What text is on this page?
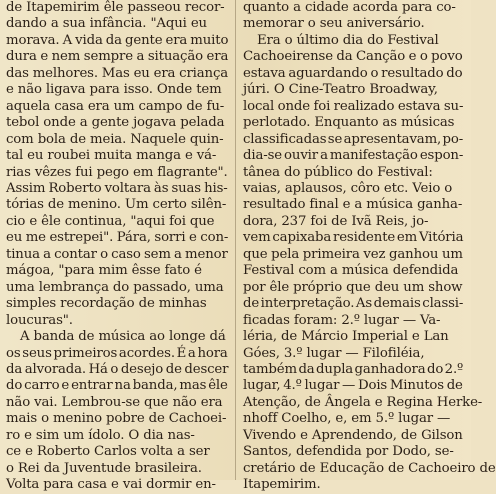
de Itapemirim êle passeou recor-

dando a sua infância. "Aqui eu

morava. A vida da gente era muito

dura e nem sempre a situação era

das melhores. Mas eu era criança

e não ligava para isso. Onde tem

aquela casa era um campo de fu-

tebol onde a gente jogava pelada

com bola de meia. Naquele quin-

tal eu roubei muita manga e vá-

rias vêzes fui pego em flagrante".

Assim Roberto voltara às suas his-

tórias de menino. Um certo silên-

cio e êle continua, "aqui foi que

eu me estrepei". Pára, sorri e con-

tinua a contar o caso sem a menor

mágoa, "para mim êsse fato é

uma lembrança do passado, uma

simples recordação de minhas

loucuras".

A banda de música ao longe dá

os seus primeiros acordes. É a hora

da alvorada. Há o desejo de descer

do carro e entrar na banda, mas êle

não vai. Lembrou-se que não era

mais o menino pobre de Cachoei-

ro e sim um ídolo. O dia nas-

ce e Roberto Carlos volta a ser

o Rei da Juventude brasileira.

Volta para casa e vai dormir en-

quanto a cidade acorda para co-

memorar o seu aniversário.

Era o último dia do Festival

Cachoeirense da Canção e o povo

estava aguardando o resultado do

júri. O Cine-Teatro Broadway,

local onde foi realizado estava su-

perlotado. Enquanto as músicas

classificadas se apresentavam, po-

dia-se ouvir a manifestação espon-

tânea do público do Festival:

vaias, aplausos, côro etc. Veio o

resultado final e a música ganha-

dora, 237 foi de Ivã Reis, jo-

vem capixaba residente em Vitória

que pela primeira vez ganhou um

Festival com a música defendida

por êle próprio que deu um show

de interpretação. As demais classi-

ficadas foram: 2.º lugar — Va-

léria, de Márcio Imperial e Lan

Góes, 3.º lugar — Filofiléia,

também da dupla ganhadora do 2.º

lugar, 4.º lugar — Dois Minutos de

Atenção, de Ângela e Regina Herke-

nhoff Coelho, e, em 5.º lugar —

Vivendo e Aprendendo, de Gilson

Santos, defendida por Dodo, se-

cretário de Educação de Cachoeiro de

Itapemirim.
